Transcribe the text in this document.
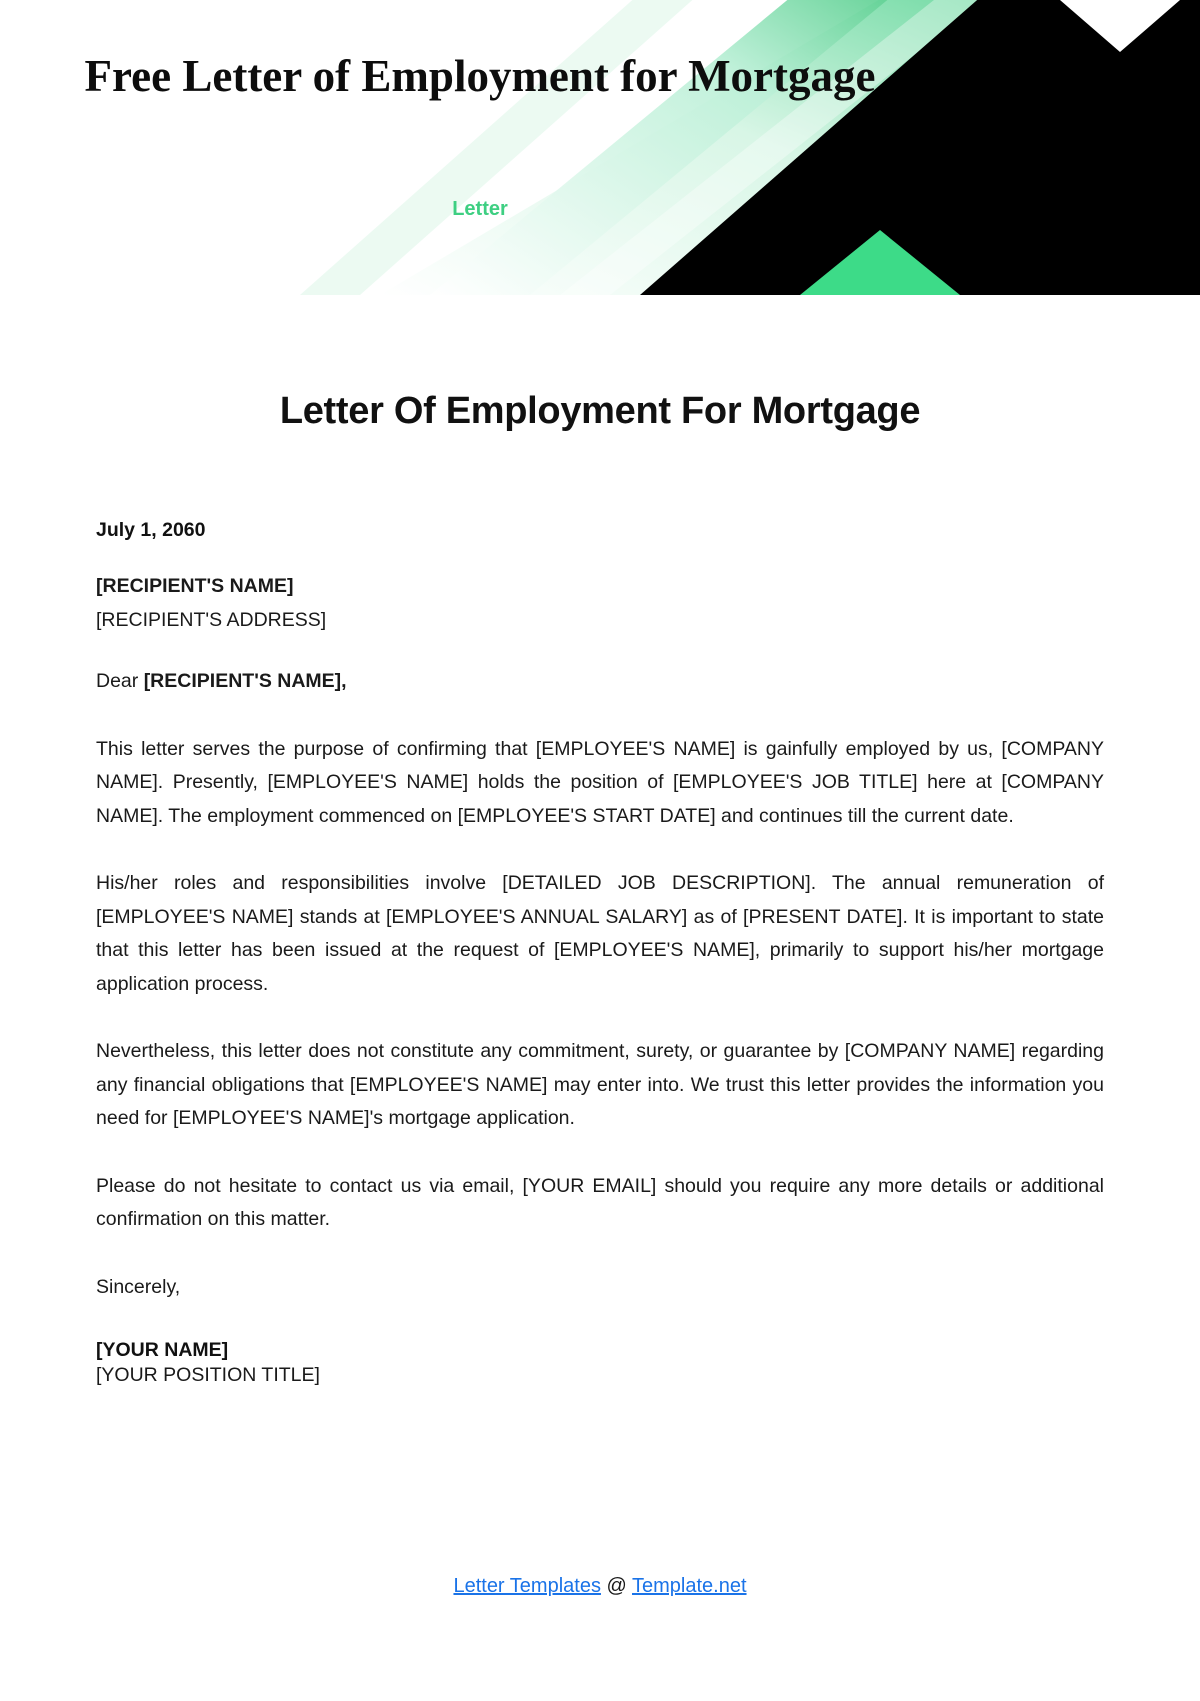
Free Letter of Employment for Mortgage
Letter
Letter Of Employment For Mortgage
July 1, 2060
[RECIPIENT'S NAME]
[RECIPIENT'S ADDRESS]
Dear [RECIPIENT'S NAME],

This letter serves the purpose of confirming that [EMPLOYEE'S NAME] is gainfully employed by us, [COMPANY NAME]. Presently, [EMPLOYEE'S NAME] holds the position of [EMPLOYEE'S JOB TITLE] here at [COMPANY NAME]. The employment commenced on [EMPLOYEE'S START DATE] and continues till the current date.

His/her roles and responsibilities involve [DETAILED JOB DESCRIPTION]. The annual remuneration of [EMPLOYEE'S NAME] stands at [EMPLOYEE'S ANNUAL SALARY] as of [PRESENT DATE]. It is important to state that this letter has been issued at the request of [EMPLOYEE'S NAME], primarily to support his/her mortgage application process.

Nevertheless, this letter does not constitute any commitment, surety, or guarantee by [COMPANY NAME] regarding any financial obligations that [EMPLOYEE'S NAME] may enter into. We trust this letter provides the information you need for [EMPLOYEE'S NAME]'s mortgage application.

Please do not hesitate to contact us via email, [YOUR EMAIL] should you require any more details or additional confirmation on this matter.

Sincerely,
[YOUR NAME]
[YOUR POSITION TITLE]
Letter Templates @ Template.net
